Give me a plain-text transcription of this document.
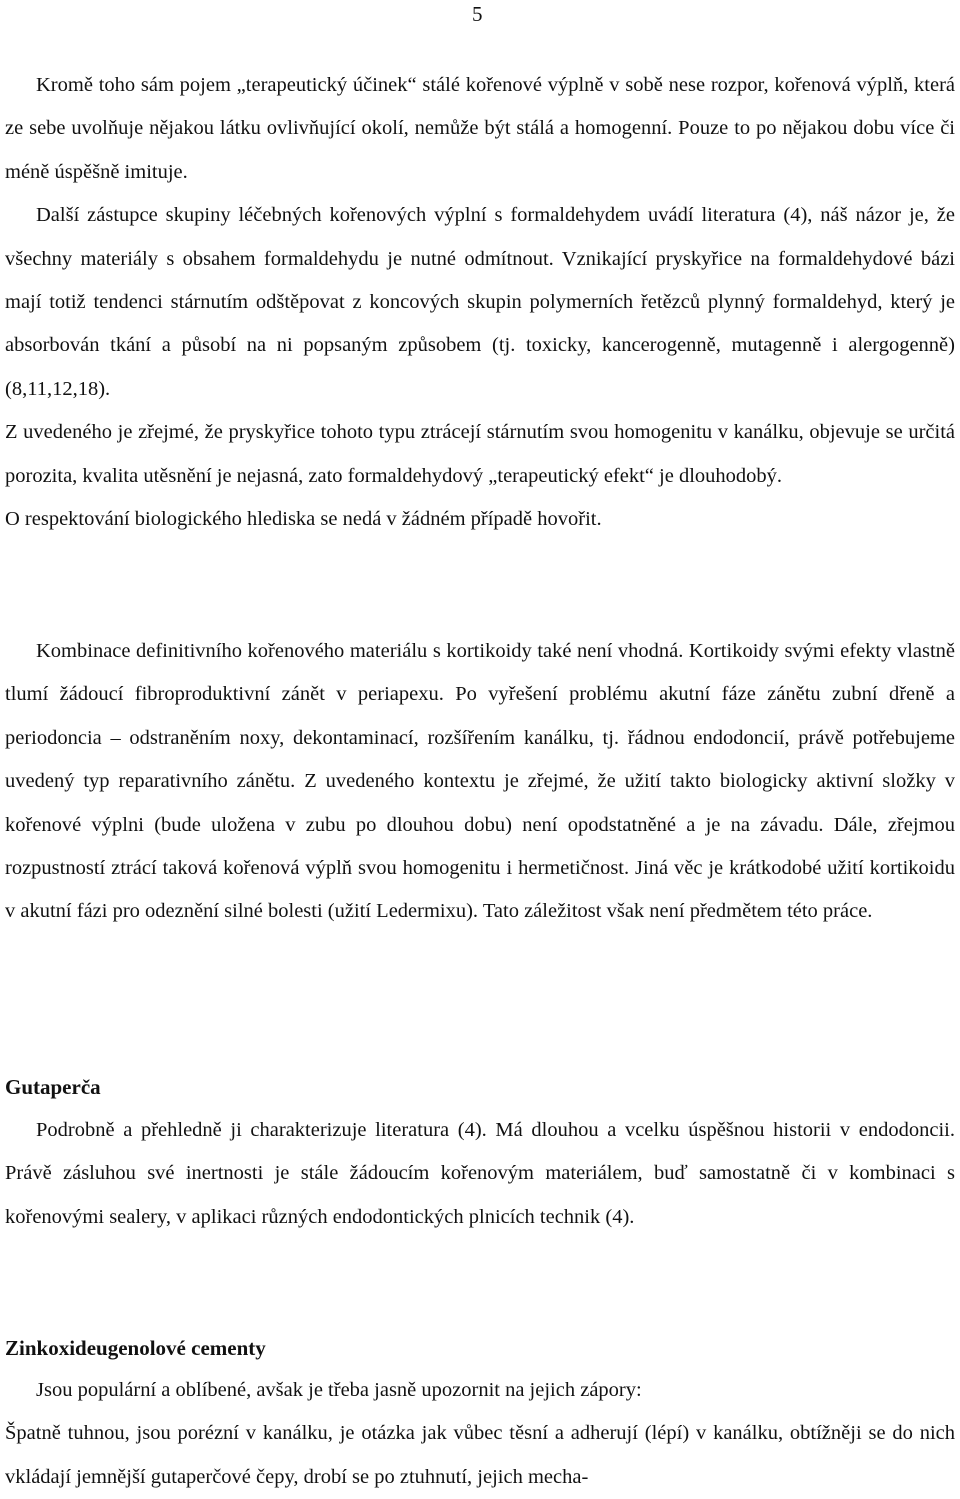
5

Kromě toho sám pojem „terapeutický účinek“ stálé kořenové výplně v sobě nese rozpor, kořenová výplň, která ze sebe uvolňuje nějakou látku ovlivňující okolí, nemůže být stálá a homogenní. Pouze to po nějakou dobu více či méně úspěšně imituje.

Další zástupce skupiny léčebných kořenových výplní s formaldehydem uvádí literatura (4), náš názor je, že všechny materiály s obsahem formaldehydu je nutné odmítnout. Vznikající pryskyřice na formaldehydové bázi mají totiž tendenci stárnutím odštěpovat z koncových skupin polymerních řetězců plynný formaldehyd, který je absorbován tkání a působí na ni popsaným způsobem (tj. toxicky, kancerogenně, mutagenně i alergogenně) (8,11,12,18).

Z uvedeného je zřejmé, že pryskyřice tohoto typu ztrácejí stárnutím svou homogenitu v kanálku, objevuje se určitá porozita, kvalita utěsnění je nejasná, zato formaldehydový „terapeutický efekt“ je dlouhodobý.

O respektování biologického hlediska se nedá v žádném případě hovořit.

Kombinace definitivního kořenového materiálu s kortikoidy také není vhodná. Kortikoidy svými efekty vlastně tlumí žádoucí fibroproduktivní zánět v periapexu. Po vyřešení problému akutní fáze zánětu zubní dřeně a periodoncia – odstraněním noxy, dekontaminací, rozšířením kanálku, tj. řádnou endodoncií, právě potřebujeme uvedený typ reparativního zánětu. Z uvedeného kontextu je zřejmé, že užití takto biologicky aktivní složky v kořenové výplni (bude uložena v zubu po dlouhou dobu) není opodstatněné a je na závadu. Dále, zřejmou rozpustností ztrácí taková kořenová výplň svou homogenitu i hermetičnost. Jiná věc je krátkodobé užití kortikoidu v akutní fázi pro odeznění silné bolesti (užití Ledermixu). Tato záležitost však není předmětem této práce.

Gutaperča

Podrobně a přehledně ji charakterizuje literatura (4). Má dlouhou a vcelku úspěšnou historii v endodoncii. Právě zásluhou své inertnosti je stále žádoucím kořenovým materiálem, buď samostatně či v kombinaci s kořenovými sealery, v aplikaci různých endodontických plnicích technik (4).

Zinkoxideugenolové cementy

Jsou populární a oblíbené, avšak je třeba jasně upozornit na jejich zápory:

Špatně tuhnou, jsou porézní v kanálku, je otázka jak vůbec těsní a adherují (lépí) v kanálku, obtížněji se do nich vkládají jemnější gutaperčové čepy, drobí se po ztuhnutí, jejich mecha-
